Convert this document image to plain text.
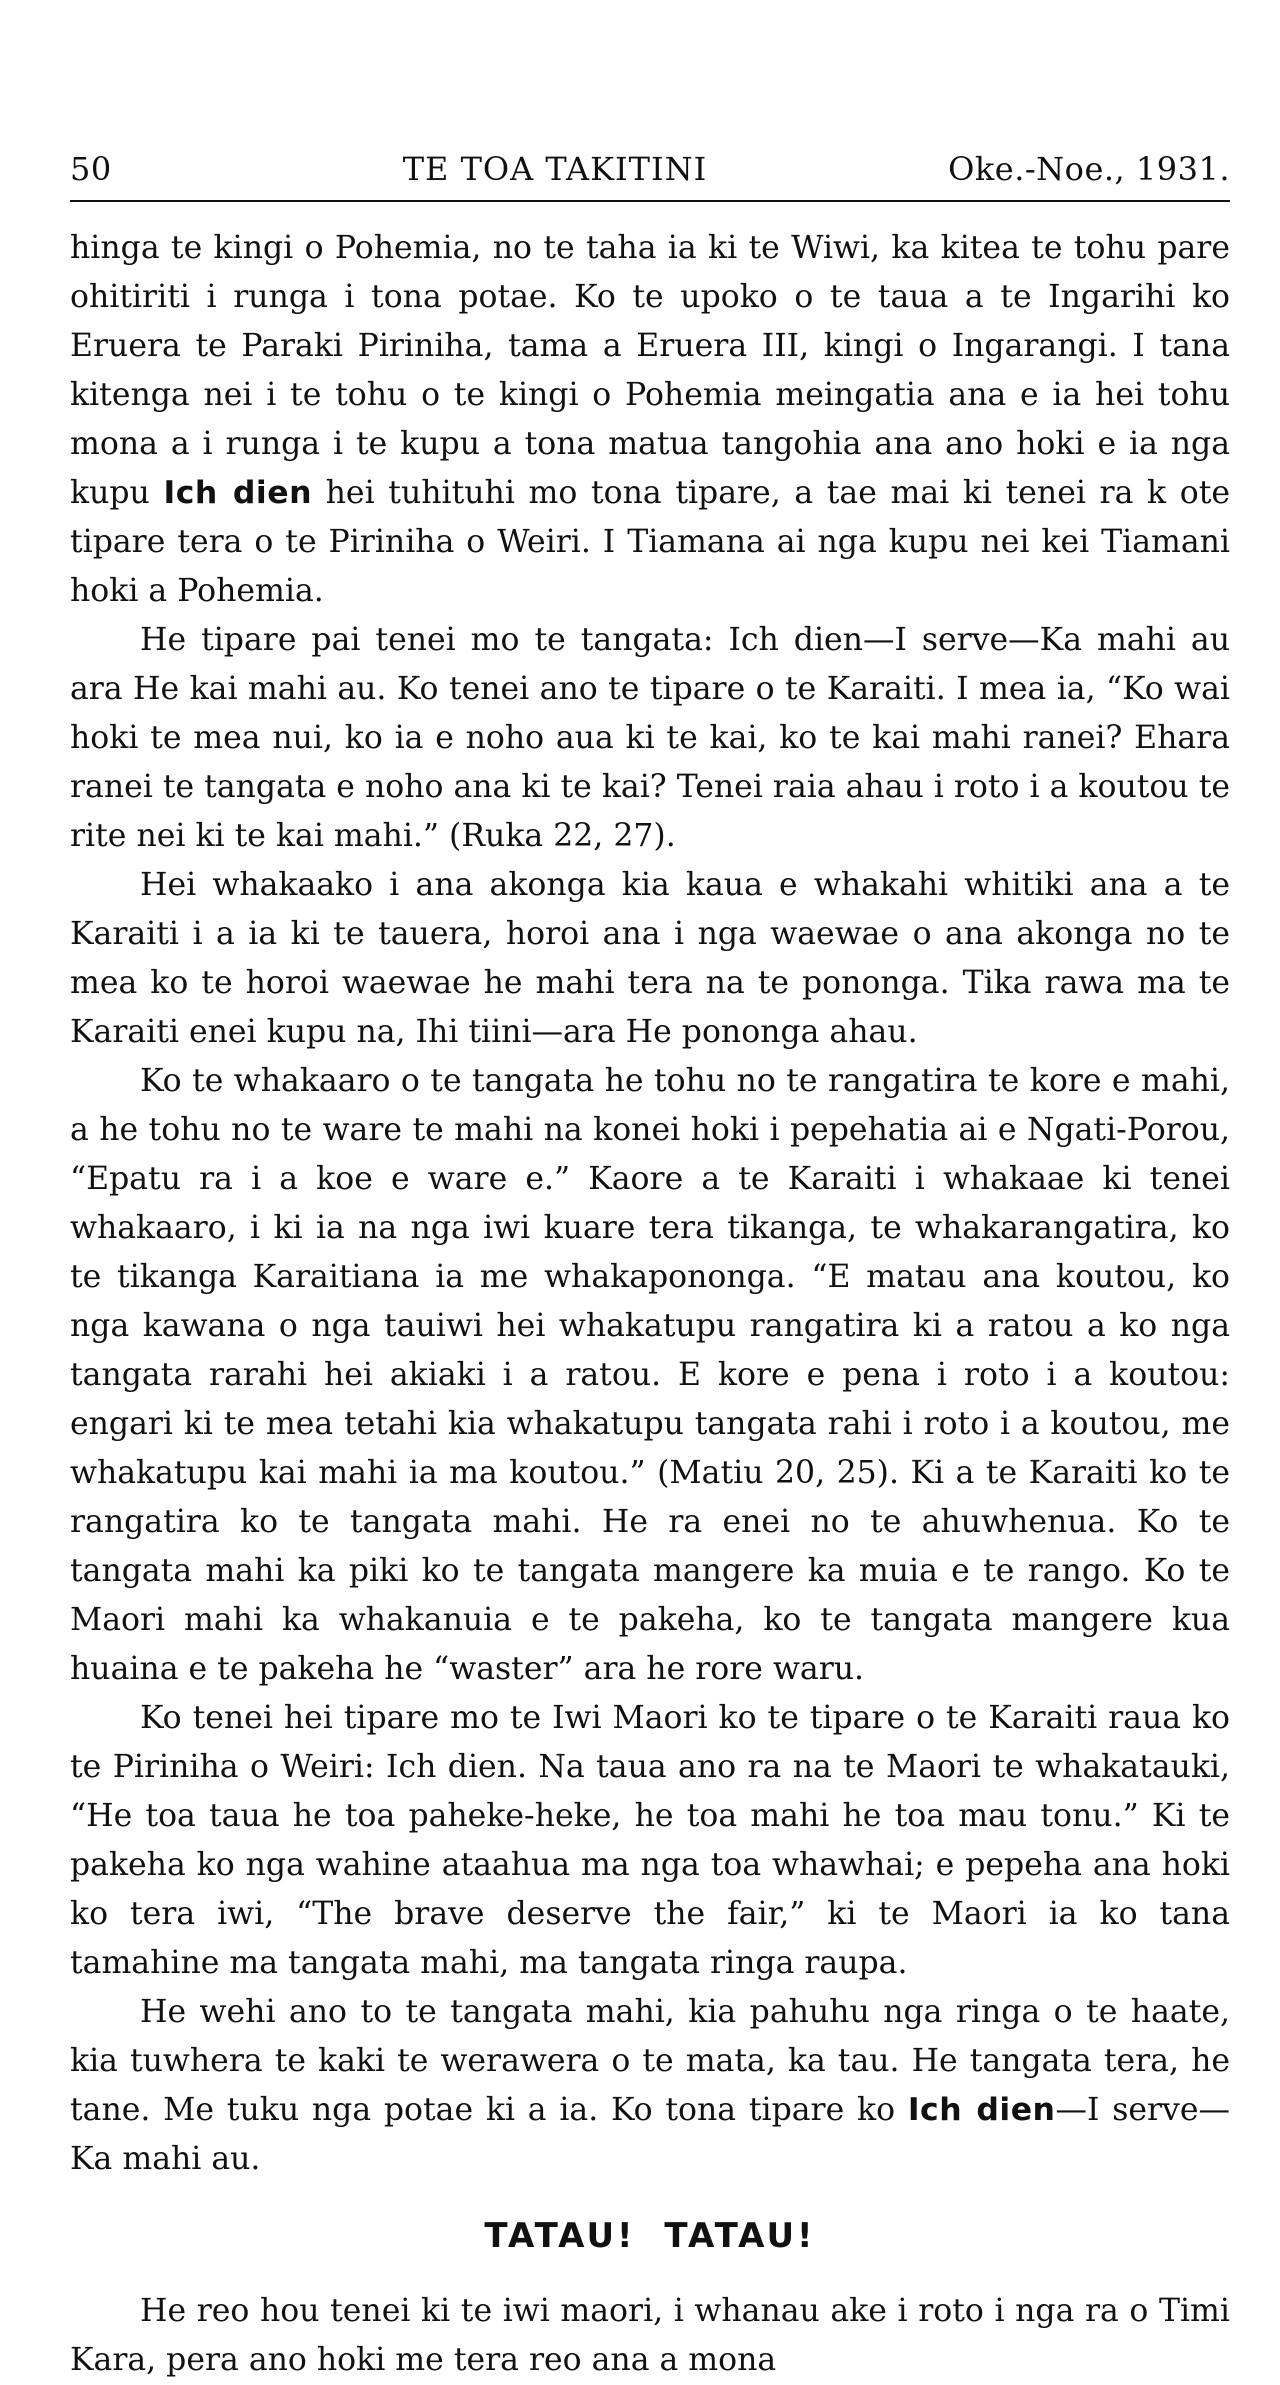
50	TE TOA TAKITINI	Oke.-Noe., 1931.

hinga te kingi o Pohemia, no te taha ia ki te Wiwi, ka kitea te tohu pare ohitiriti i runga i tona potae. Ko te upoko o te taua a te Ingarihi ko Eruera te Paraki Piriniha, tama a Eruera III, kingi o Ingarangi. I tana kitenga nei i te tohu o te kingi o Pohemia meingatia ana e ia hei tohu mona a i runga i te kupu a tona matua tangohia ana ano hoki e ia nga kupu Ich dien hei tuhituhi mo tona tipare, a tae mai ki tenei ra k ote tipare tera o te Piriniha o Weiri. I Tiamana ai nga kupu nei kei Tiamani hoki a Pohemia.

He tipare pai tenei mo te tangata: Ich dien—I serve—Ka mahi au ara He kai mahi au. Ko tenei ano te tipare o te Karaiti. I mea ia, “Ko wai hoki te mea nui, ko ia e noho aua ki te kai, ko te kai mahi ranei? Ehara ranei te tangata e noho ana ki te kai? Tenei raia ahau i roto i a koutou te rite nei ki te kai mahi.” (Ruka 22, 27).

Hei whakaako i ana akonga kia kaua e whakahi whitiki ana a te Karaiti i a ia ki te tauera, horoi ana i nga waewae o ana akonga no te mea ko te horoi waewae he mahi tera na te pononga. Tika rawa ma te Karaiti enei kupu na, Ihi tiini—ara He pononga ahau.

Ko te whakaaro o te tangata he tohu no te rangatira te kore e mahi, a he tohu no te ware te mahi na konei hoki i pepehatia ai e Ngati-Porou, “Epatu ra i a koe e ware e.” Kaore a te Karaiti i whakaae ki tenei whakaaro, i ki ia na nga iwi kuare tera tikanga, te whakarangatira, ko te tikanga Karaitiana ia me whakapononga. “E matau ana koutou, ko nga kawana o nga tauiwi hei whakatupu rangatira ki a ratou a ko nga tangata rarahi hei akiaki i a ratou. E kore e pena i roto i a koutou: engari ki te mea tetahi kia whakatupu tangata rahi i roto i a koutou, me whakatupu kai mahi ia ma koutou.” (Matiu 20, 25). Ki a te Karaiti ko te rangatira ko te tangata mahi. He ra enei no te ahuwhenua. Ko te tangata mahi ka piki ko te tangata mangere ka muia e te rango. Ko te Maori mahi ka whakanuia e te pakeha, ko te tangata mangere kua huaina e te pakeha he “waster” ara he rore waru.

Ko tenei hei tipare mo te Iwi Maori ko te tipare o te Karaiti raua ko te Piriniha o Weiri: Ich dien. Na taua ano ra na te Maori te whakatauki, “He toa taua he toa paheke-heke, he toa mahi he toa mau tonu.” Ki te pakeha ko nga wahine ataahua ma nga toa whawhai; e pepeha ana hoki ko tera iwi, “The brave deserve the fair,” ki te Maori ia ko tana tamahine ma tangata mahi, ma tangata ringa raupa.

He wehi ano to te tangata mahi, kia pahuhu nga ringa o te haate, kia tuwhera te kaki te werawera o te mata, ka tau. He tangata tera, he tane. Me tuku nga potae ki a ia. Ko tona tipare ko Ich dien—I serve—Ka mahi au.

TATAU! TATAU!

He reo hou tenei ki te iwi maori, i whanau ake i roto i nga ra o Timi Kara, pera ano hoki me tera reo ana a mona
